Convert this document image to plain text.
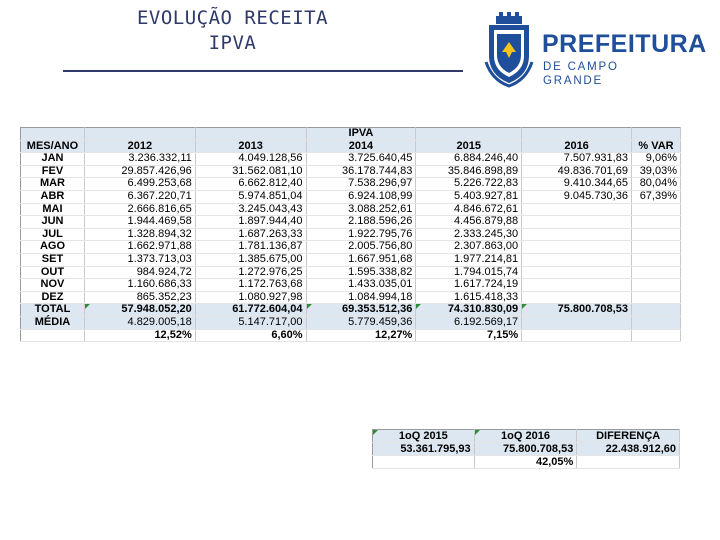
EVOLUÇÃO RECEITA
IPVA	PREFEITURA
DE CAMPO GRANDE
			IPVA			
MES/ANO	2012	2013	2014	2015	2016	% VAR
JAN	3.236.332,11	4.049.128,56	3.725.640,45	6.884.246,40	7.507.931,83	9,06%
FEV	29.857.426,96	31.562.081,10	36.178.744,83	35.846.898,89	49.836.701,69	39,03%
MAR	6.499.253,68	6.662.812,40	7.538.296,97	5.226.722,83	9.410.344,65	80,04%
ABR	6.367.220,71	5.974.851,04	6.924.108,99	5.403.927,81	9.045.730,36	67,39%
MAI	2.666.816,65	3.245.043,43	3.088.252,61	4.846.672,61		
JUN	1.944.469,58	1.897.944,40	2.188.596,26	4.456.879,88		
JUL	1.328.894,32	1.687.263,33	1.922.795,76	2.333.245,30		
AGO	1.662.971,88	1.781.136,87	2.005.756,80	2.307.863,00		
SET	1.373.713,03	1.385.675,00	1.667.951,68	1.977.214,81		
OUT	984.924,72	1.272.976,25	1.595.338,82	1.794.015,74		
NOV	1.160.686,33	1.172.763,68	1.433.035,01	1.617.724,19		
DEZ	865.352,23	1.080.927,98	1.084.994,18	1.615.418,33		
TOTAL	57.948.052,20	61.772.604,04	69.353.512,36	74.310.830,09	75.800.708,53	
MÉDIA	4.829.005,18	5.147.717,00	5.779.459,36	6.192.569,17		
	12,52%	6,60%	12,27%	7,15%		
1oQ 2015	1oQ 2016	DIFERENÇA
53.361.795,93	75.800.708,53	22.438.912,60
	42,05%	
